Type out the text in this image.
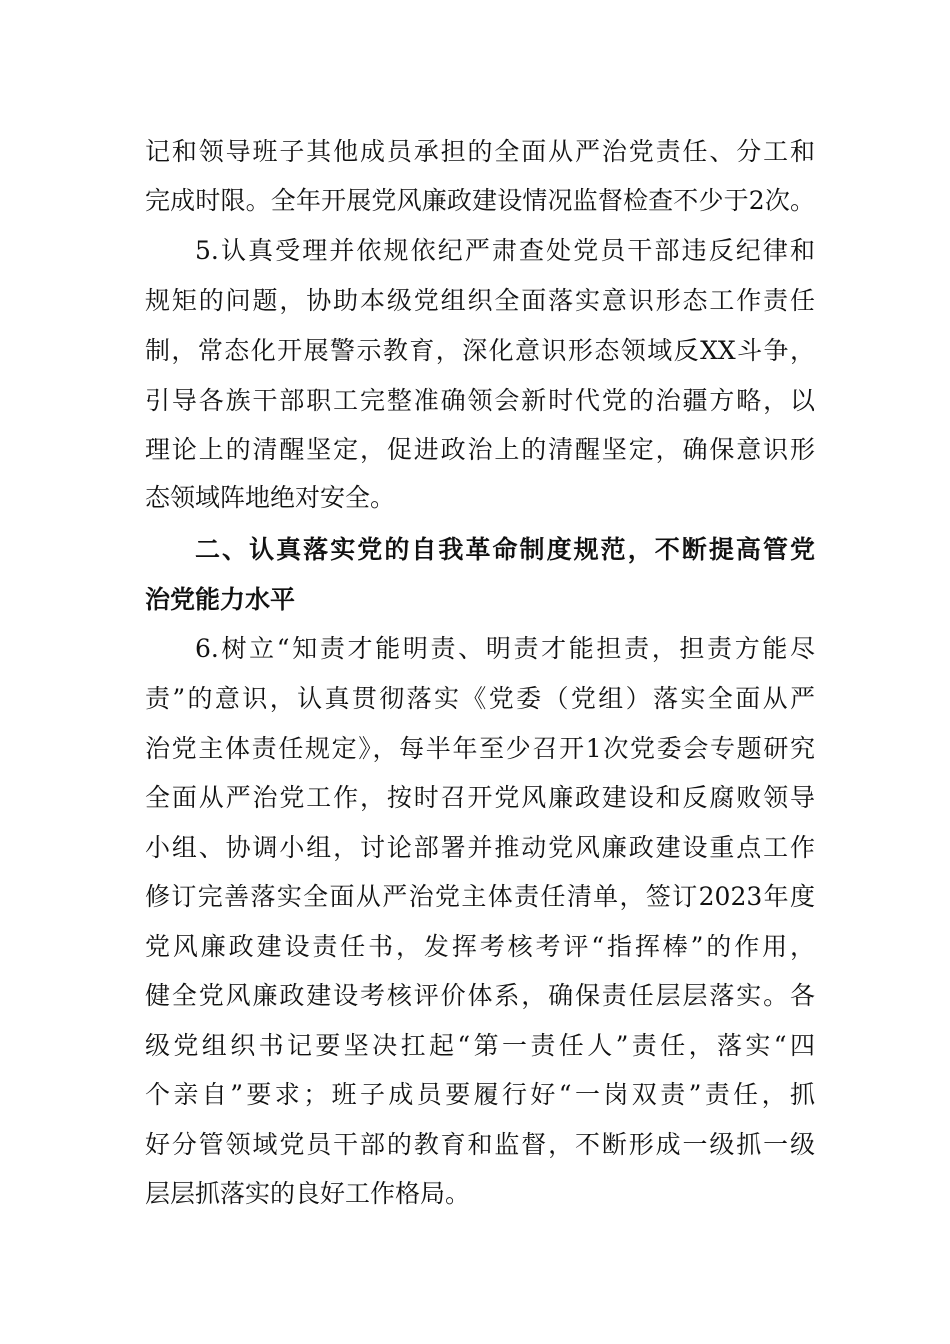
记和领导班子其他成员承担的全面从严治党责任、分工和
完成时限。全年开展党风廉政建设情况监督检查不少于2次。
5.认真受理并依规依纪严肃查处党员干部违反纪律和
规矩的问题，协助本级党组织全面落实意识形态工作责任
制，常态化开展警示教育，深化意识形态领域反XX斗争，
引导各族干部职工完整准确领会新时代党的治疆方略，以
理论上的清醒坚定，促进政治上的清醒坚定，确保意识形
态领域阵地绝对安全。
二、认真落实党的自我革命制度规范，不断提高管党
治党能力水平
6.树立“知责才能明责、明责才能担责，担责方能尽
责”的意识，认真贯彻落实《党委（党组）落实全面从严
治党主体责任规定》，每半年至少召开1次党委会专题研究
全面从严治党工作，按时召开党风廉政建设和反腐败领导
小组、协调小组，讨论部署并推动党风廉政建设重点工作
修订完善落实全面从严治党主体责任清单，签订2023年度
党风廉政建设责任书，发挥考核考评“指挥棒”的作用，
健全党风廉政建设考核评价体系，确保责任层层落实。各
级党组织书记要坚决扛起“第一责任人”责任，落实“四
个亲自”要求；班子成员要履行好“一岗双责”责任，抓
好分管领域党员干部的教育和监督，不断形成一级抓一级
层层抓落实的良好工作格局。
